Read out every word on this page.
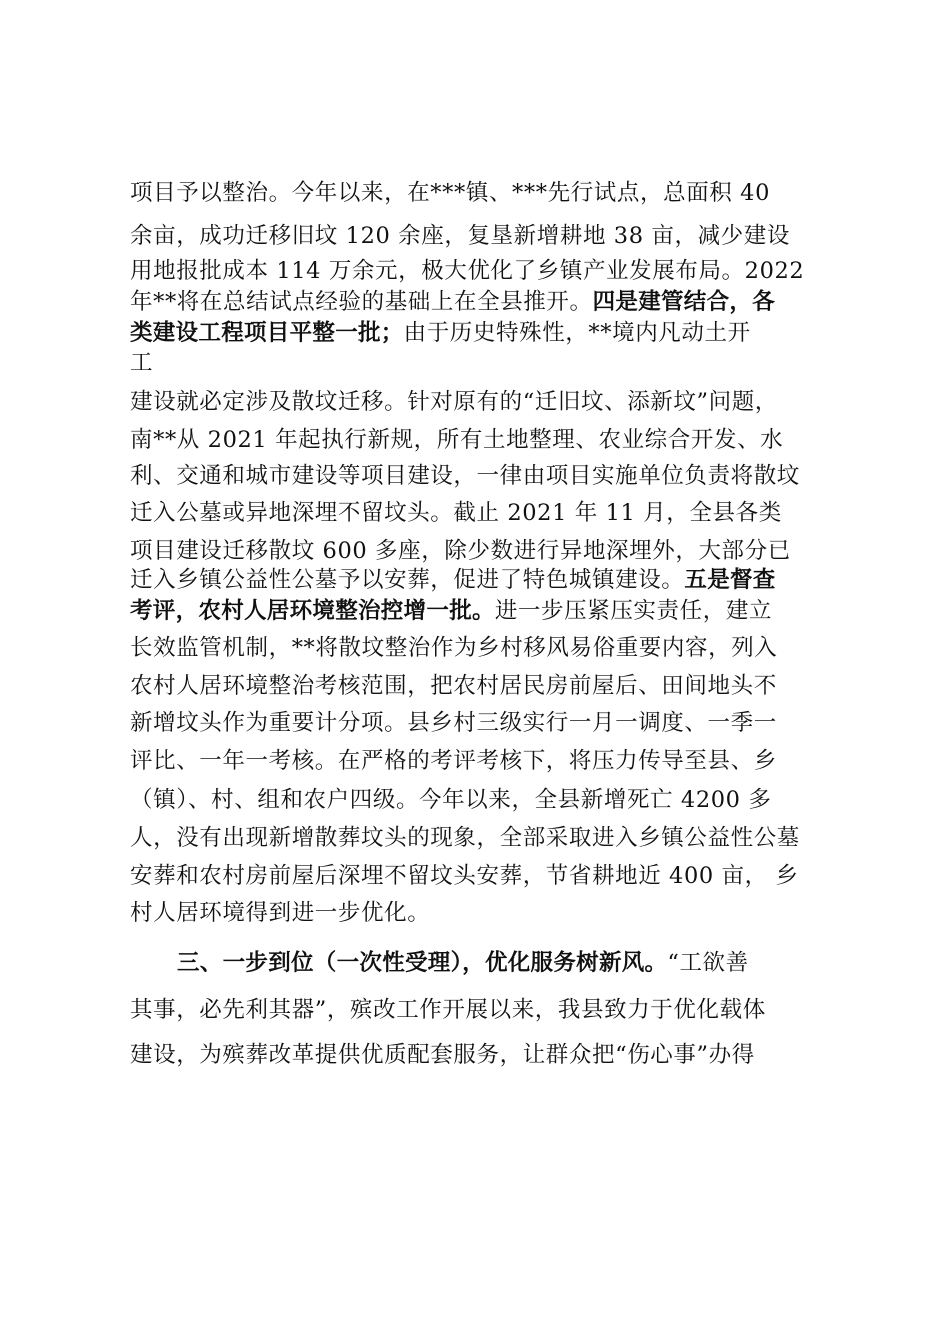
项目予以整治。今年以来，在***镇、***先行试点，总面积 40
余亩，成功迁移旧坟 120 余座，复垦新增耕地 38 亩，减少建设
用地报批成本 114 万余元，极大优化了乡镇产业发展布局。2022
年**将在总结试点经验的基础上在全县推开。四是建管结合，各
类建设工程项目平整一批；由于历史特殊性，**境内凡动土开
工
建设就必定涉及散坟迁移。针对原有的“迁旧坟、添新坟”问题，
南**从 2021 年起执行新规，所有土地整理、农业综合开发、水
利、交通和城市建设等项目建设，一律由项目实施单位负责将散坟
迁入公墓或异地深埋不留坟头。截止 2021 年 11 月，全县各类
项目建设迁移散坟 600 多座，除少数进行异地深埋外，大部分已
迁入乡镇公益性公墓予以安葬，促进了特色城镇建设。五是督查
考评，农村人居环境整治控增一批。进一步压紧压实责任，建立
长效监管机制，**将散坟整治作为乡村移风易俗重要内容，列入
农村人居环境整治考核范围，把农村居民房前屋后、田间地头不
新增坟头作为重要计分项。县乡村三级实行一月一调度、一季一
评比、一年一考核。在严格的考评考核下，将压力传导至县、乡
（镇）、村、组和农户四级。今年以来，全县新增死亡 4200 多
人，没有出现新增散葬坟头的现象，全部采取进入乡镇公益性公墓
安葬和农村房前屋后深埋不留坟头安葬，节省耕地近 400 亩， 乡
村人居环境得到进一步优化。
三、一步到位（一次性受理），优化服务树新风。“工欲善
其事，必先利其器”，殡改工作开展以来，我县致力于优化载体
建设，为殡葬改革提供优质配套服务，让群众把“伤心事”办得
